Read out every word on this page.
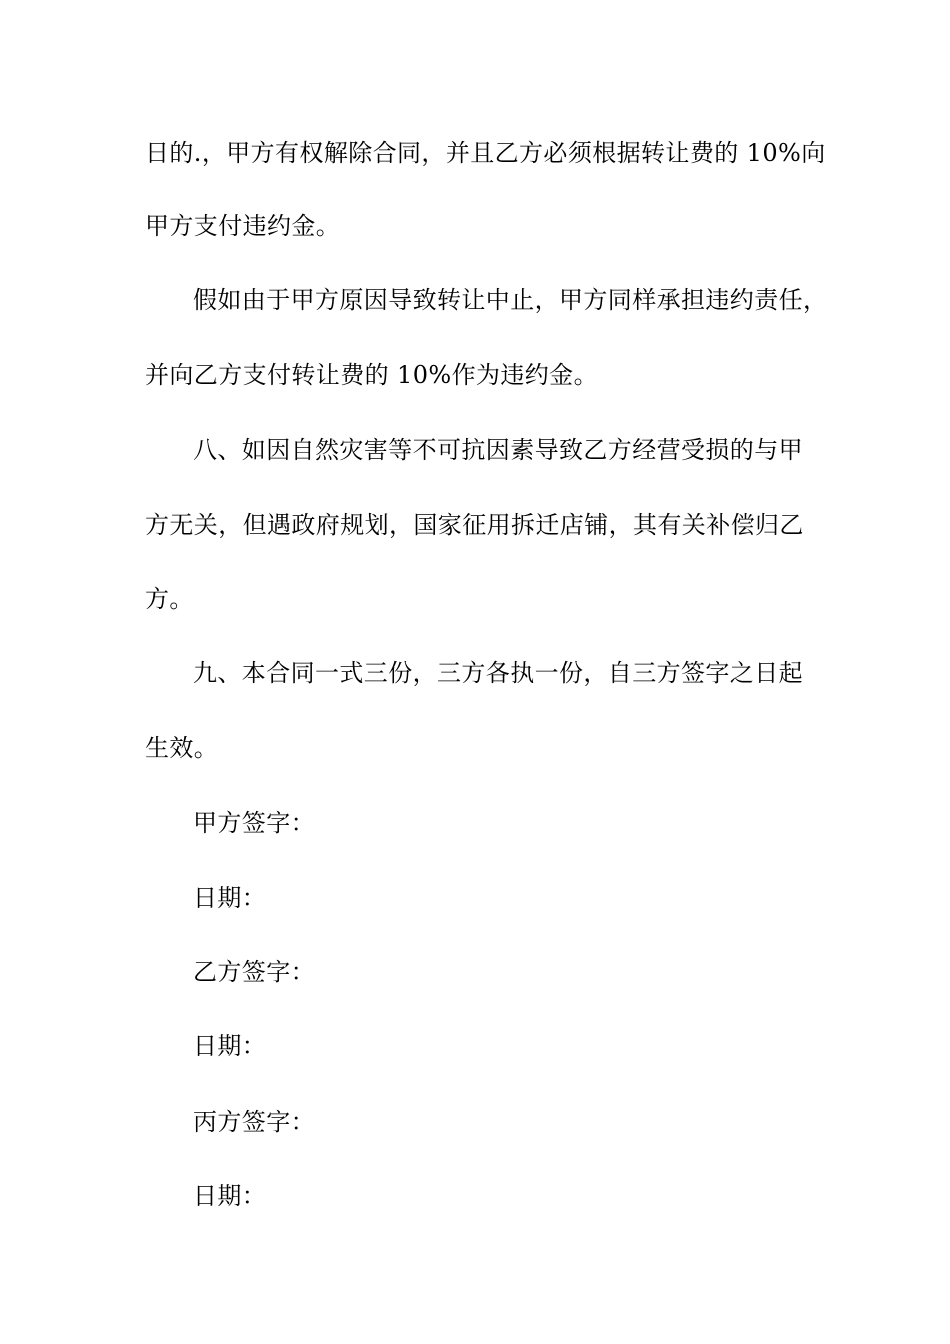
日的.，甲方有权解除合同，并且乙方必须根据转让费的 10%向
甲方支付违约金。
假如由于甲方原因导致转让中止，甲方同样承担违约责任，
并向乙方支付转让费的 10%作为违约金。
八、如因自然灾害等不可抗因素导致乙方经营受损的与甲
方无关，但遇政府规划，国家征用拆迁店铺，其有关补偿归乙
方。
九、本合同一式三份，三方各执一份，自三方签字之日起
生效。
甲方签字：
日期：
乙方签字：
日期：
丙方签字：
日期：
